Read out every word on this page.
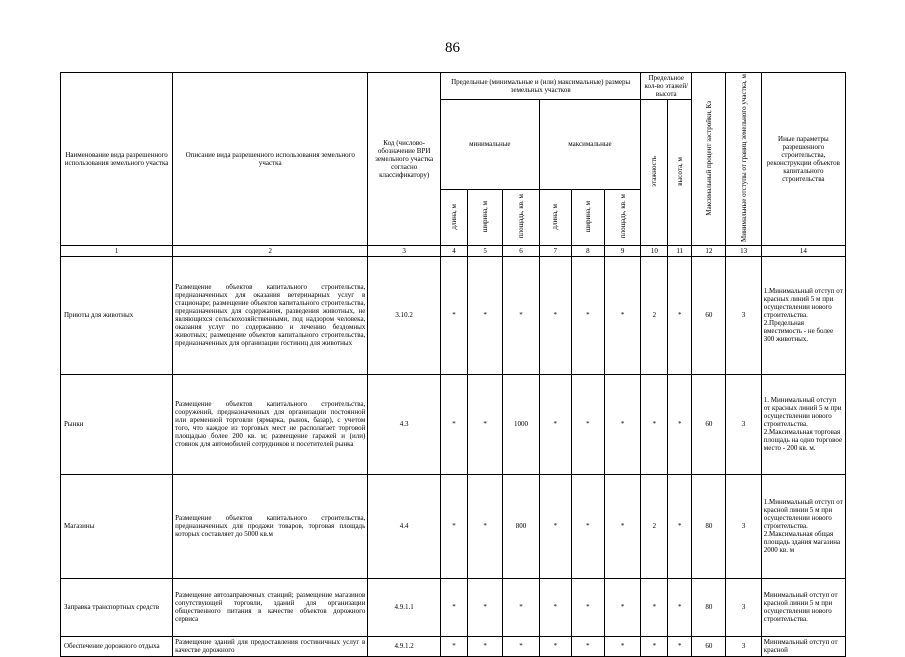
86
Наименование вида разрешенного использования земельного участка	Описание вида разрешенного использования земельного участка	Код (числово-обозначение ВРИ земельного участка согласно классификатору)	Предельные (минимальные и (или) максимальные) размеры земельных участков						Предельное кол-во этажей/ высота		Максимальный процент застройки, Кз	Минимальные отступы от границ земельного участка, м	Иные параметры разрешенного строительства, реконструкции объектов капитального строительства
			минимальные			максимальные			этажность	высота, м			
			длина, м	ширина, м	площадь, кв. м	длина, м	ширина, м	площадь, кв. м					
1	2	3	4	5	6	7	8	9	10	11	12	13	14
Приюты для животных	Размещение объектов капитального строительства, предназначенных для оказания ветеринарных услуг в стационаре; размещение объектов капитального строительства, предназначенных для содержания, разведения животных, не являющихся сельскохозяйственными, под надзором человека, оказания услуг по содержанию и лечению бездомных животных; размещение объектов капитального строительства, предназначенных для организации гостиниц для животных	3.10.2	*	*	*	*	*	*	2	*	60	3	1.Минимальный отступ от красных линий 5 м при осуществлении нового строительства. 2.Предельная вместимость - не более 300 животных.
Рынки	Размещение объектов капитального строительства, сооружений, предназначенных для организации постоянной или временной торговли (ярмарка, рынок, базар), с учетом того, что каждое из торговых мест не располагает торговой площадью более 200 кв. м; размещение гаражей и (или) стоянок для автомобилей сотрудников и посетителей рынка	4.3	*	*	1000	*	*	*	*	*	60	3	1. Минимальный отступ от красных линий 5 м при осуществлении нового строительства. 2.Максимальная торговая площадь на одно торговое место - 200 кв. м.
Магазины	Размещение объектов капитального строительства, предназначенных для продажи товаров, торговая площадь которых составляет до 5000 кв.м	4.4	*	*	800	*	*	*	2	*	80	3	1.Минимальный отступ от красной линии 5 м при осуществлении нового строительства. 2.Максимальная общая площадь здания магазина 2000 кв. м
Заправка транспортных средств	Размещение автозаправочных станций; размещение магазинов сопутствующей торговли, зданий для организации общественного питания в качестве объектов дорожного сервиса	4.9.1.1	*	*	*	*	*	*	*	*	80	3	Минимальный отступ от красной линии 5 м при осуществлении нового строительства.
Обеспечение дорожного отдыха	Размещение зданий для предоставления гостиничных услуг в качестве дорожного	4.9.1.2	*	*	*	*	*	*	*	*	60	3	Минимальный отступ от красной
